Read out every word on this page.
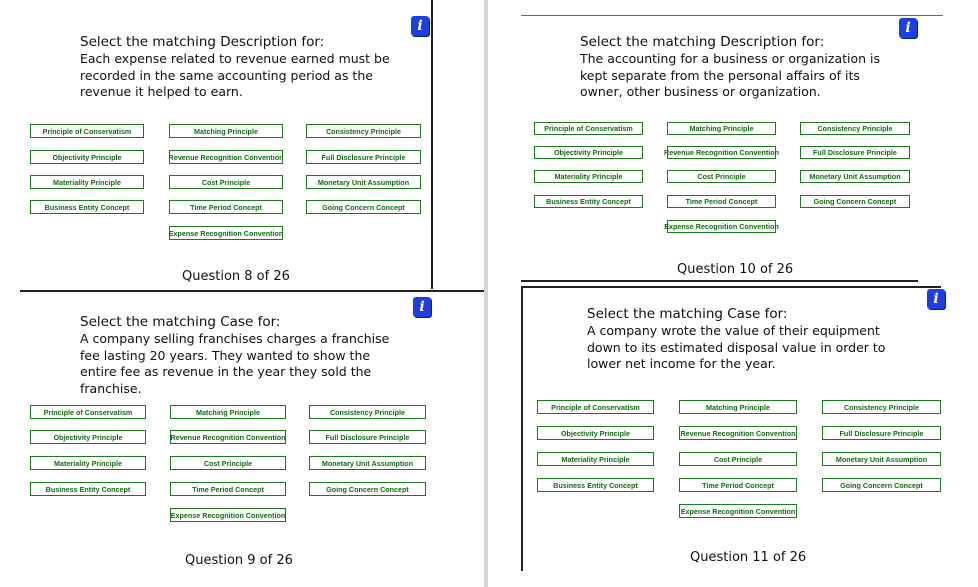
i
Select the matching Description for:
Each expense related to revenue earned must be recorded in the same accounting period as the revenue it helped to earn.
Principle of Conservatism	Matching Principle	Consistency Principle
Objectivity Principle	Revenue Recognition Convention	Full Disclosure Principle
Materiality Principle	Cost Principle	Monetary Unit Assumption
Business Entity Concept	Time Period Concept	Going Concern Concept
Expense Recognition Convention
Question 8 of 26
i
Select the matching Description for:
The accounting for a business or organization is kept separate from the personal affairs of its owner, other business or organization.
Principle of Conservatism	Matching Principle	Consistency Principle
Objectivity Principle	Revenue Recognition Convention	Full Disclosure Principle
Materiality Principle	Cost Principle	Monetary Unit Assumption
Business Entity Concept	Time Period Concept	Going Concern Concept
Expense Recognition Convention
Question 10 of 26
i
Select the matching Case for:
A company selling franchises charges a franchise fee lasting 20 years. They wanted to show the entire fee as revenue in the year they sold the franchise.
Principle of Conservatism	Matching Principle	Consistency Principle
Objectivity Principle	Revenue Recognition Convention	Full Disclosure Principle
Materiality Principle	Cost Principle	Monetary Unit Assumption
Business Entity Concept	Time Period Concept	Going Concern Concept
Expense Recognition Convention
Question 9 of 26
i
Select the matching Case for:
A company wrote the value of their equipment down to its estimated disposal value in order to lower net income for the year.
Principle of Conservatism	Matching Principle	Consistency Principle
Objectivity Principle	Revenue Recognition Convention	Full Disclosure Principle
Materiality Principle	Cost Principle	Monetary Unit Assumption
Business Entity Concept	Time Period Concept	Going Concern Concept
Expense Recognition Convention
Question 11 of 26
